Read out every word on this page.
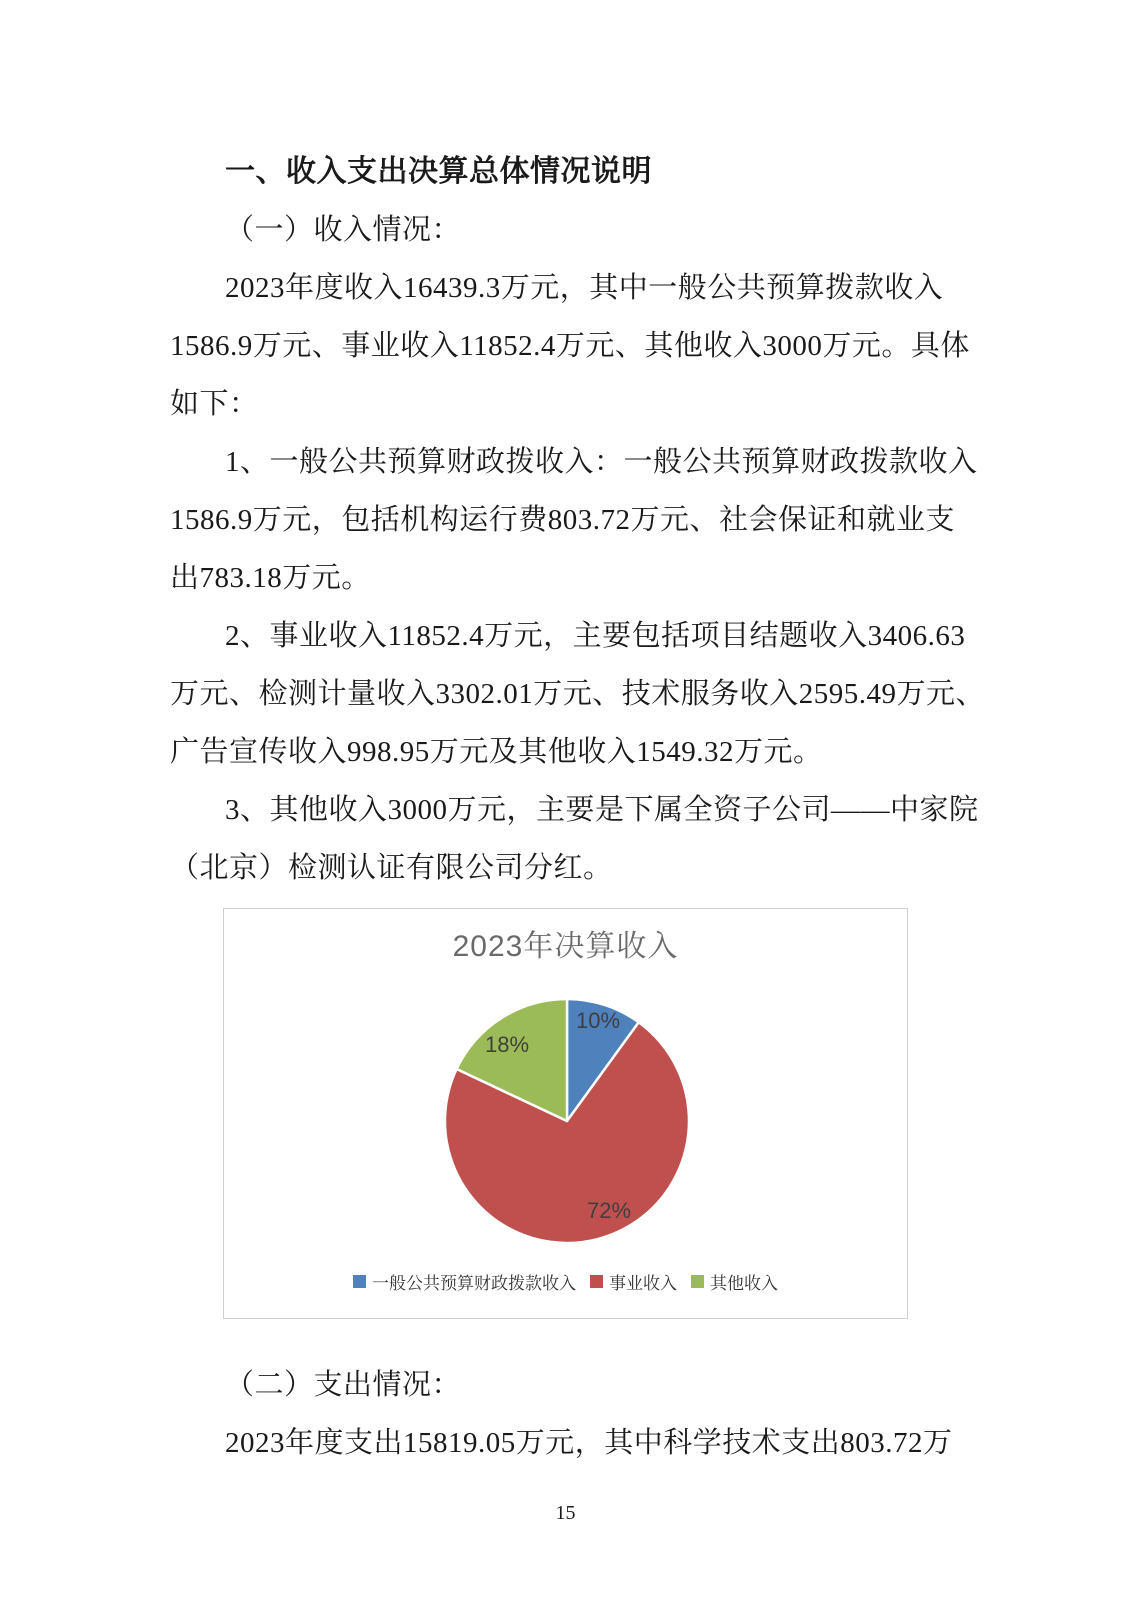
一、收入支出决算总体情况说明
（一）收入情况：
2023年度收入16439.3万元，其中一般公共预算拨款收入
1586.9万元、事业收入11852.4万元、其他收入3000万元。具体
如下：
1、一般公共预算财政拨收入：一般公共预算财政拨款收入
1586.9万元，包括机构运行费803.72万元、社会保证和就业支
出783.18万元。
2、事业收入11852.4万元，主要包括项目结题收入3406.63
万元、检测计量收入3302.01万元、技术服务收入2595.49万元、
广告宣传收入998.95万元及其他收入1549.32万元。
3、其他收入3000万元，主要是下属全资子公司——中家院
（北京）检测认证有限公司分红。
2023年决算收入
10%
72%
18%
一般公共预算财政拨款收入 事业收入 其他收入
（二）支出情况：
2023年度支出15819.05万元，其中科学技术支出803.72万
15
